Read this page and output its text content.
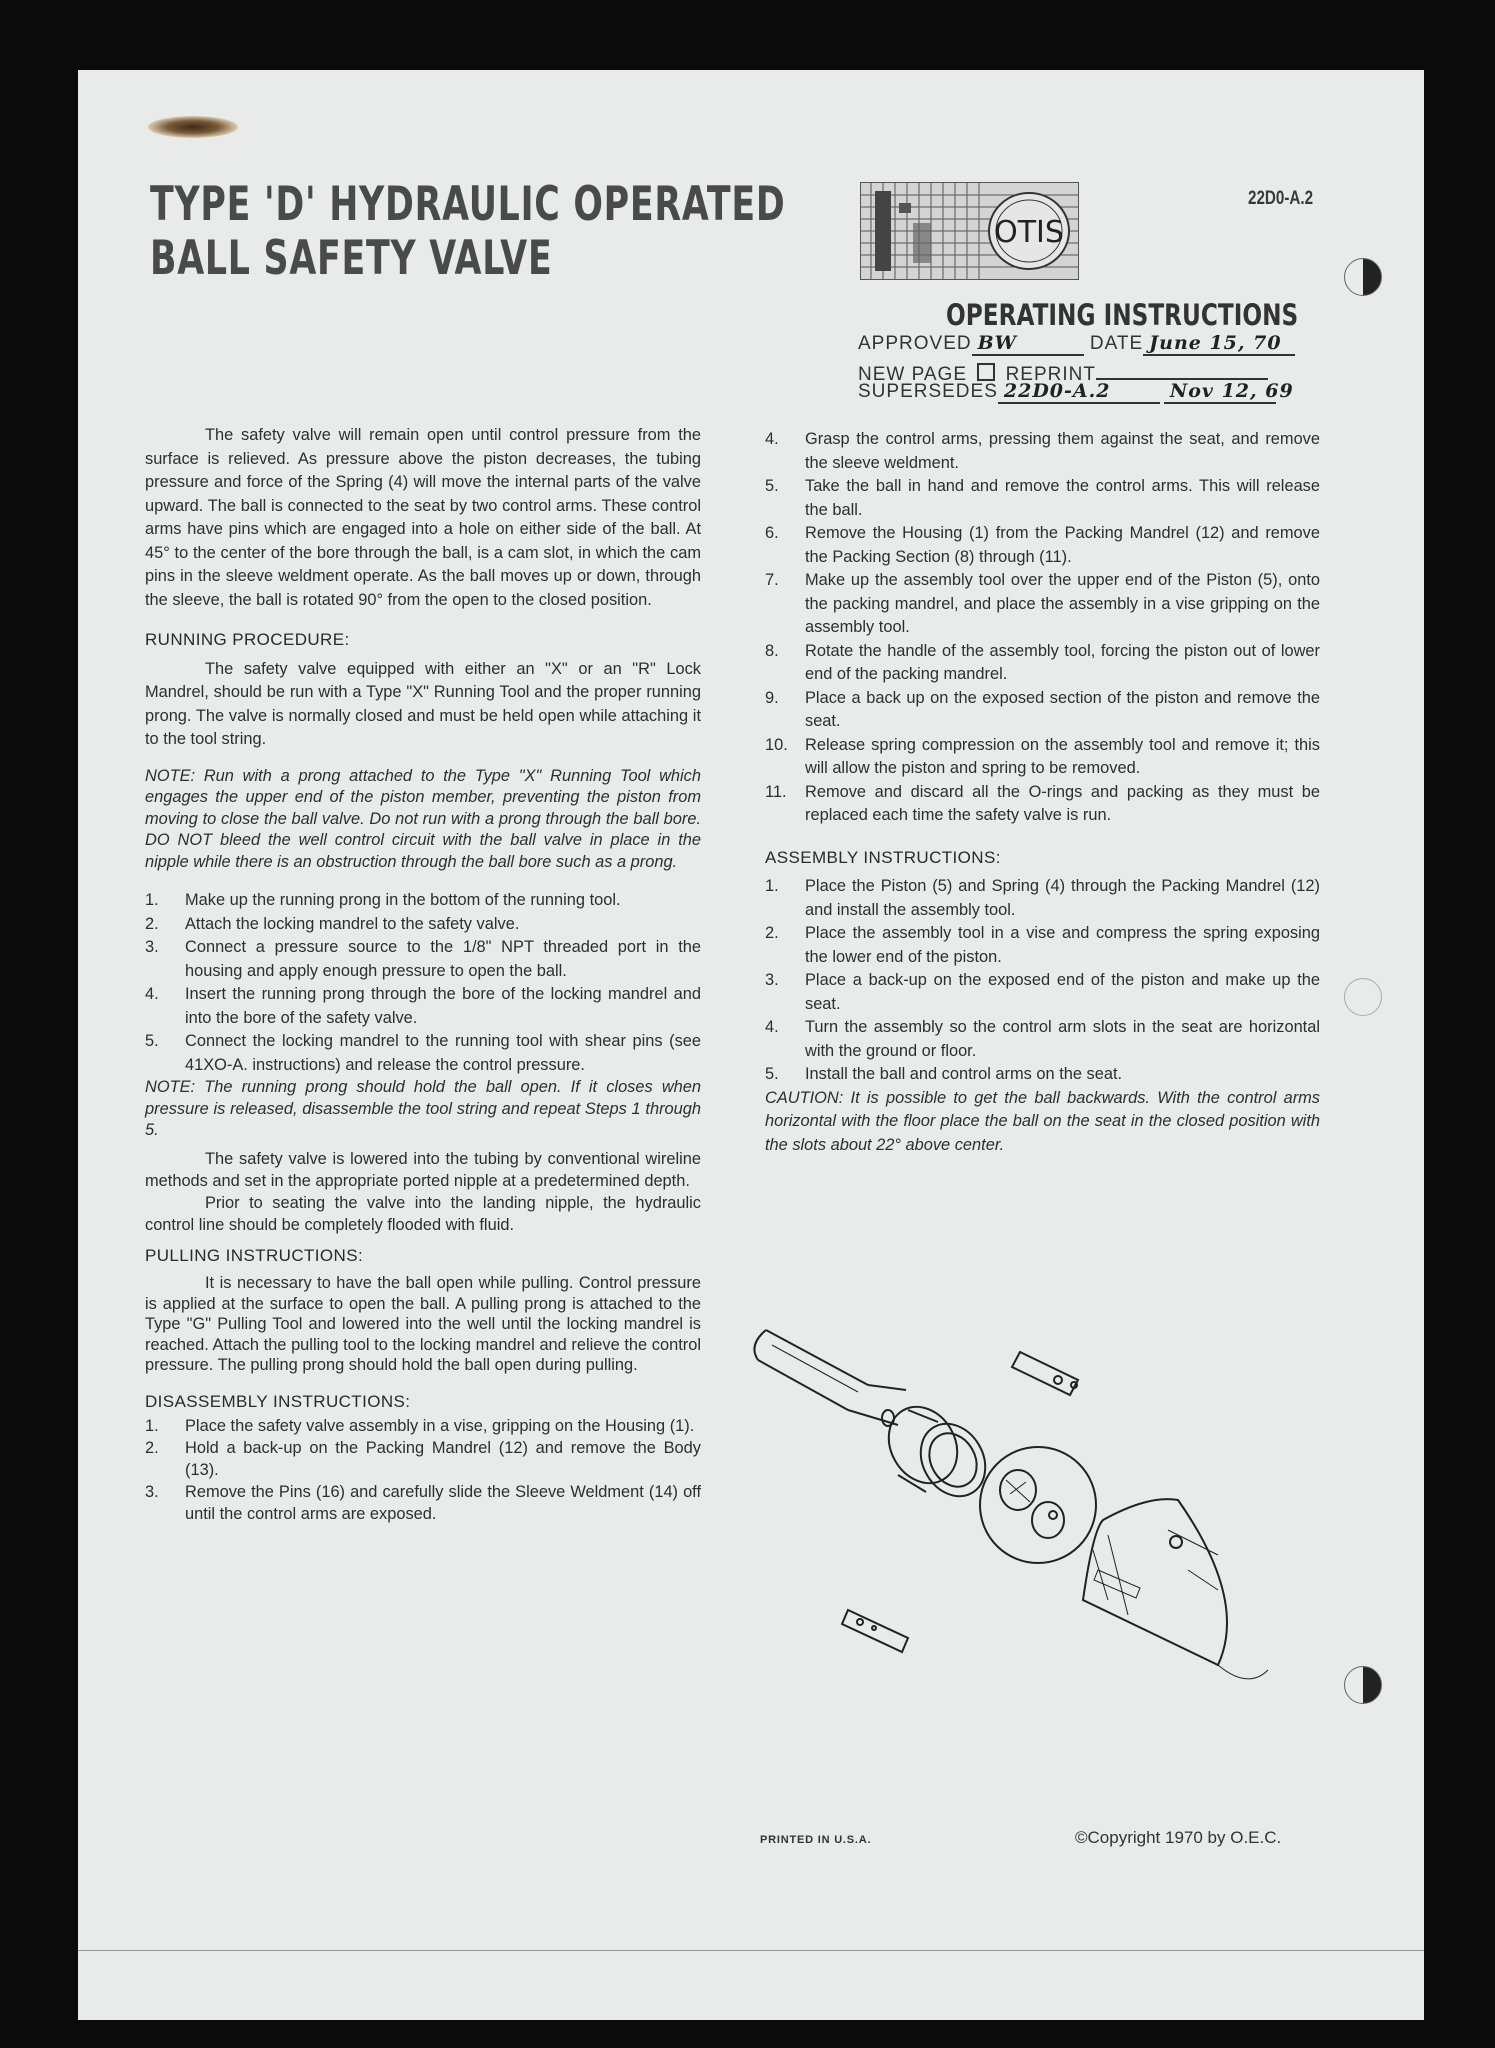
TYPE 'D' HYDRAULIC OPERATED
BALL SAFETY VALVE	OTIS
22D0-A.2
OPERATING INSTRUCTIONS
APPROVED BW	DATE June 15, 70
NEW PAGE REPRINT
SUPERSEDES 22D0-A.2	Nov 12, 69

The safety valve will remain open until control pressure from the surface is relieved. As pressure above the piston decreases, the tubing pressure and force of the Spring (4) will move the internal parts of the valve upward. The ball is connected to the seat by two control arms. These control arms have pins which are engaged into a hole on either side of the ball. At 45° to the center of the bore through the ball, is a cam slot, in which the cam pins in the sleeve weldment operate. As the ball moves up or down, through the sleeve, the ball is rotated 90° from the open to the closed position.

RUNNING PROCEDURE:

The safety valve equipped with either an "X" or an "R" Lock Mandrel, should be run with a Type "X" Running Tool and the proper running prong. The valve is normally closed and must be held open while attaching it to the tool string.

NOTE: Run with a prong attached to the Type "X" Running Tool which engages the upper end of the piston member, preventing the piston from moving to close the ball valve. Do not run with a prong through the ball bore. DO NOT bleed the well control circuit with the ball valve in place in the nipple while there is an obstruction through the ball bore such as a prong.

1. Make up the running prong in the bottom of the running tool.
2. Attach the locking mandrel to the safety valve.
3. Connect a pressure source to the 1/8" NPT threaded port in the housing and apply enough pressure to open the ball.
4. Insert the running prong through the bore of the locking mandrel and into the bore of the safety valve.
5. Connect the locking mandrel to the running tool with shear pins (see 41XO-A. instructions) and release the control pressure.

NOTE: The running prong should hold the ball open. If it closes when pressure is released, disassemble the tool string and repeat Steps 1 through 5.

The safety valve is lowered into the tubing by conventional wireline methods and set in the appropriate ported nipple at a predetermined depth.

Prior to seating the valve into the landing nipple, the hydraulic control line should be completely flooded with fluid.

PULLING INSTRUCTIONS:

It is necessary to have the ball open while pulling. Control pressure is applied at the surface to open the ball. A pulling prong is attached to the Type "G" Pulling Tool and lowered into the well until the locking mandrel is reached. Attach the pulling tool to the locking mandrel and relieve the control pressure. The pulling prong should hold the ball open during pulling.

DISASSEMBLY INSTRUCTIONS:
1. Place the safety valve assembly in a vise, gripping on the Housing (1).
2. Hold a back-up on the Packing Mandrel (12) and remove the Body (13).
3. Remove the Pins (16) and carefully slide the Sleeve Weldment (14) off until the control arms are exposed.
4. Grasp the control arms, pressing them against the seat, and remove the sleeve weldment.
5. Take the ball in hand and remove the control arms. This will release the ball.
6. Remove the Housing (1) from the Packing Mandrel (12) and remove the Packing Section (8) through (11).
7. Make up the assembly tool over the upper end of the Piston (5), onto the packing mandrel, and place the assembly in a vise gripping on the assembly tool.
8. Rotate the handle of the assembly tool, forcing the piston out of lower end of the packing mandrel.
9. Place a back up on the exposed section of the piston and remove the seat.
10. Release spring compression on the assembly tool and remove it; this will allow the piston and spring to be removed.
11. Remove and discard all the O-rings and packing as they must be replaced each time the safety valve is run.
ASSEMBLY INSTRUCTIONS:
1. Place the Piston (5) and Spring (4) through the Packing Mandrel (12) and install the assembly tool.
2. Place the assembly tool in a vise and compress the spring exposing the lower end of the piston.
3. Place a back-up on the exposed end of the piston and make up the seat.
4. Turn the assembly so the control arm slots in the seat are horizontal with the ground or floor.
5. Install the ball and control arms on the seat.

CAUTION: It is possible to get the ball backwards. With the control arms horizontal with the floor place the ball on the seat in the closed position with the slots about 22° above center.

PRINTED IN U.S.A.	©Copyright 1970 by O.E.C.
